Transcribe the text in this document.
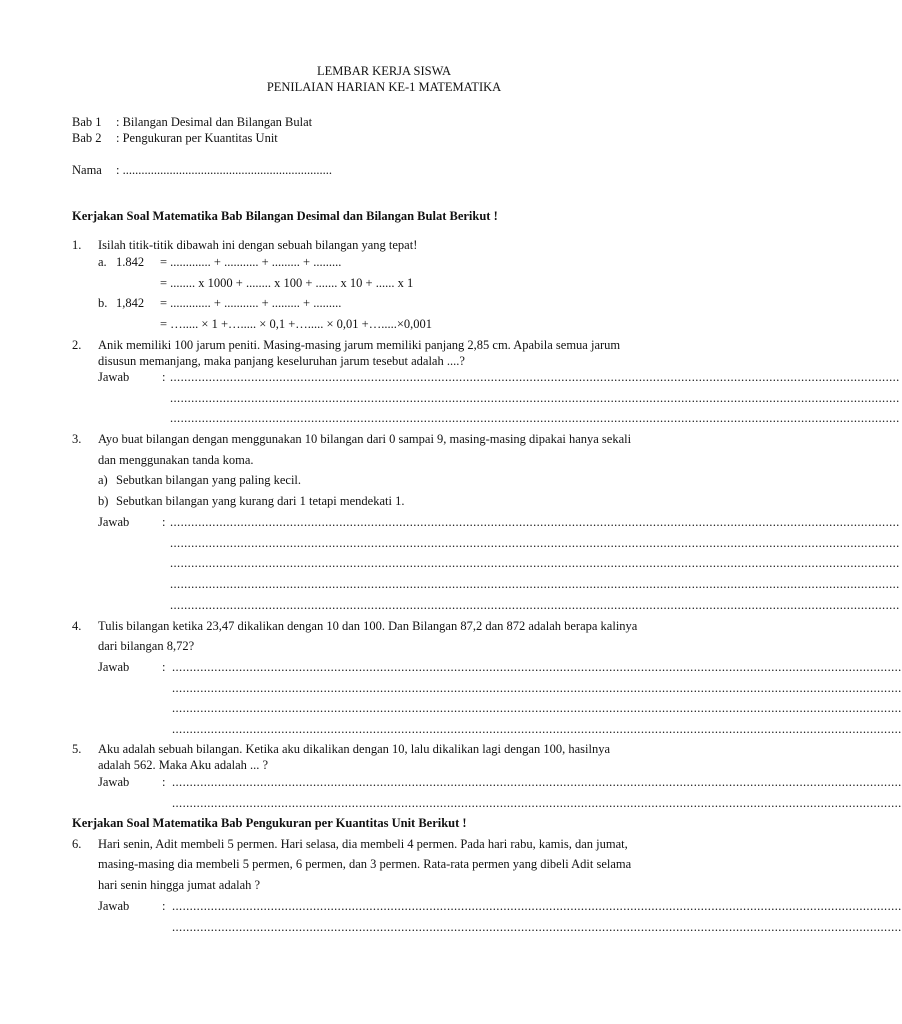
LEMBAR KERJA SISWA
PENILAIAN HARIAN KE-1 MATEMATIKA
Bab 1 : Bilangan Desimal dan Bilangan Bulat
Bab 2 : Pengukuran per Kuantitas Unit
Nama : ...................................................................
Kerjakan Soal Matematika Bab Bilangan Desimal dan Bilangan Bulat Berikut !
1. Isilah titik-titik dibawah ini dengan sebuah bilangan yang tepat!
a. 1.842 = ............. + ........... + ......... + .........
= ........ x 1000 + ........ x 100 + ....... x 10 + ...... x 1
b. 1,842 = ............. + ........... + ......... + .........
= …..... × 1 +…..... × 0,1 +…..... × 0,01 +….....×0,001
2. Anik memiliki 100 jarum peniti. Masing-masing jarum memiliki panjang 2,85 cm. Apabila semua jarum
disusun memanjang, maka panjang keseluruhan jarum tesebut adalah ....?
Jawab	: ...............................................................................................................................................................................................................
...............................................................................................................................................................................................................
...............................................................................................................................................................................................................
3. Ayo buat bilangan dengan menggunakan 10 bilangan dari 0 sampai 9, masing-masing dipakai hanya sekali
dan menggunakan tanda koma.
a) Sebutkan bilangan yang paling kecil.
b) Sebutkan bilangan yang kurang dari 1 tetapi mendekati 1.
Jawab	: ...............................................................................................................................................................................................................
...............................................................................................................................................................................................................
...............................................................................................................................................................................................................
...............................................................................................................................................................................................................
...............................................................................................................................................................................................................
4. Tulis bilangan ketika 23,47 dikalikan dengan 10 dan 100. Dan Bilangan 87,2 dan 872 adalah berapa kalinya
dari bilangan 8,72?
Jawab	: ...............................................................................................................................................................................................................
...............................................................................................................................................................................................................
...............................................................................................................................................................................................................
...............................................................................................................................................................................................................
5. Aku adalah sebuah bilangan. Ketika aku dikalikan dengan 10, lalu dikalikan lagi dengan 100, hasilnya
adalah 562. Maka Aku adalah ... ?
Jawab	: ...............................................................................................................................................................................................................
...............................................................................................................................................................................................................
Kerjakan Soal Matematika Bab Pengukuran per Kuantitas Unit Berikut !
6. Hari senin, Adit membeli 5 permen. Hari selasa, dia membeli 4 permen. Pada hari rabu, kamis, dan jumat,
masing-masing dia membeli 5 permen, 6 permen, dan 3 permen. Rata-rata permen yang dibeli Adit selama
hari senin hingga jumat adalah ?
Jawab	: ...............................................................................................................................................................................................................
...............................................................................................................................................................................................................
